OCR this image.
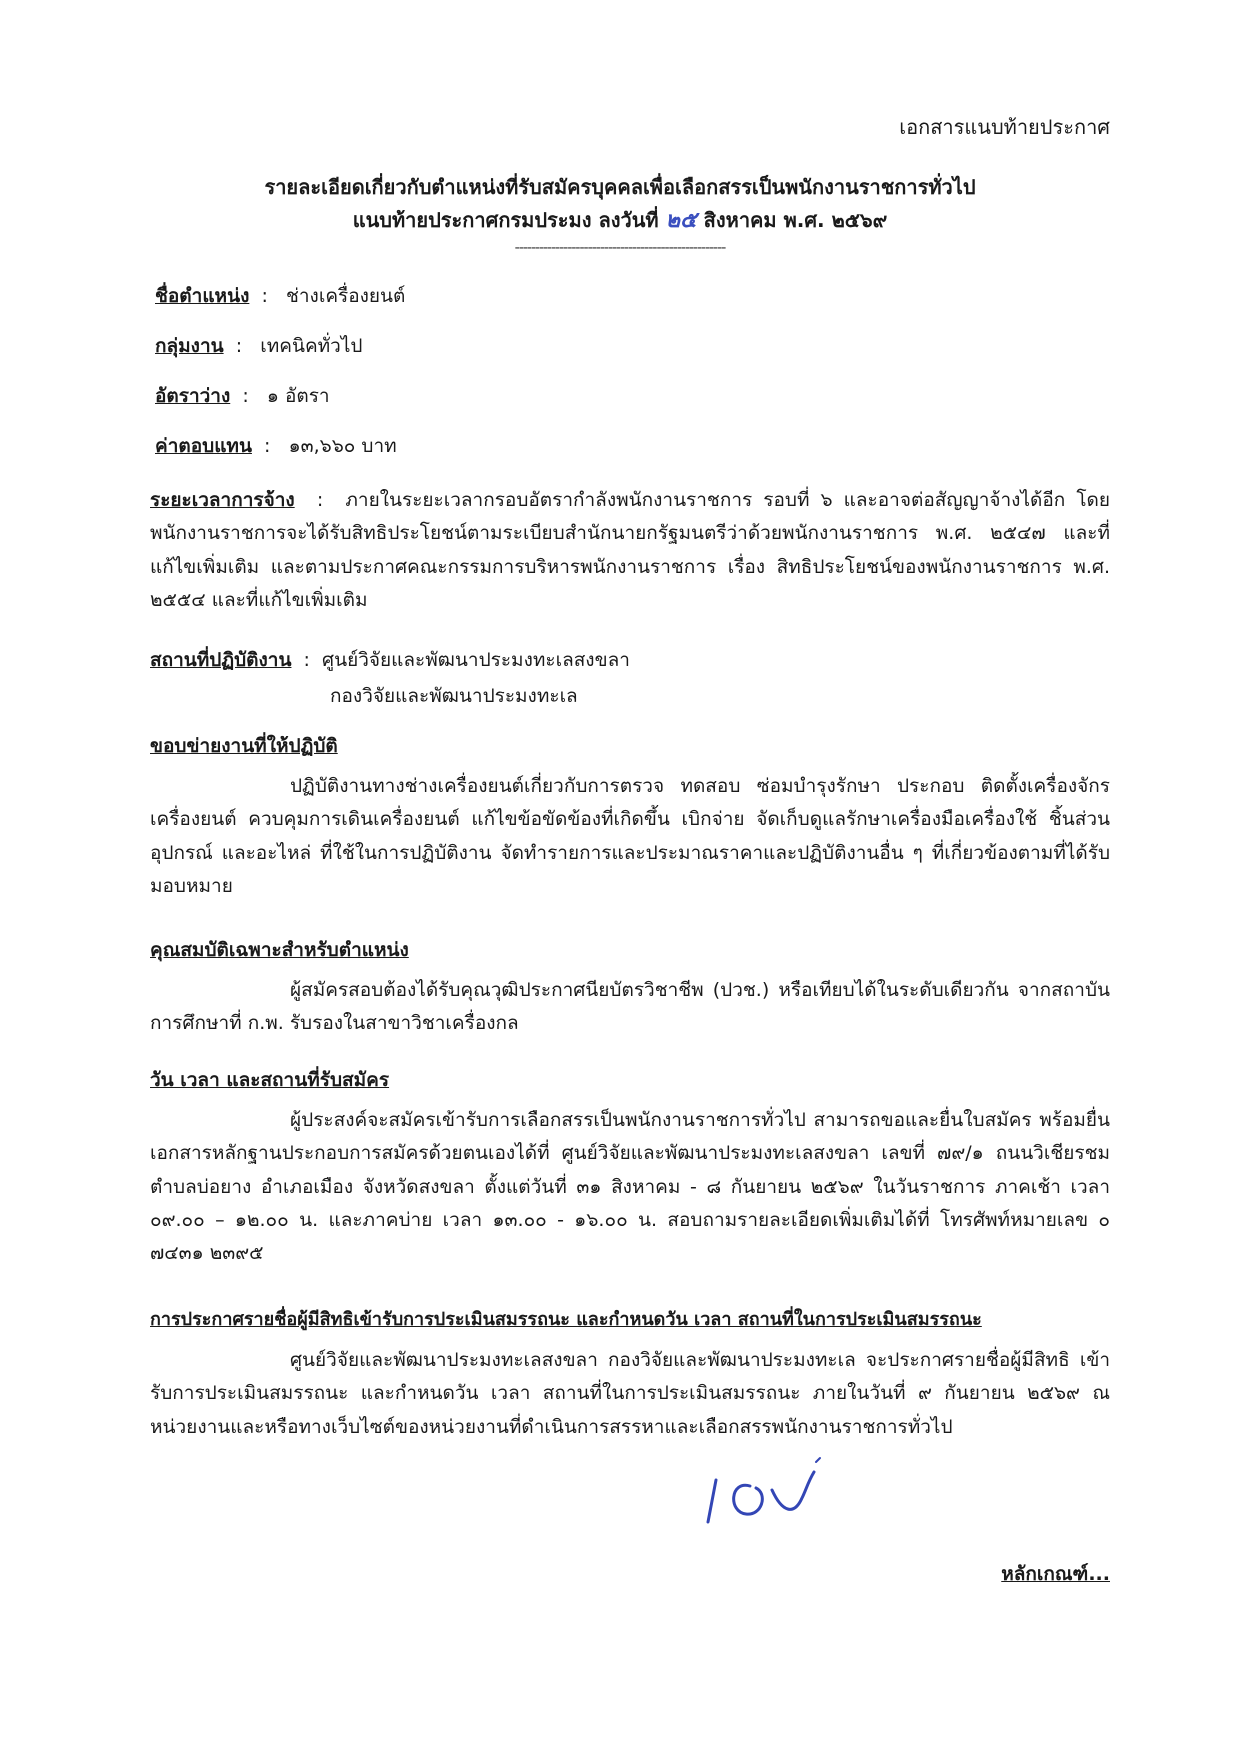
เอกสารแนบท้ายประกาศ
รายละเอียดเกี่ยวกับตำแหน่งที่รับสมัครบุคคลเพื่อเลือกสรรเป็นพนักงานราชการทั่วไป
แนบท้ายประกาศกรมประมง ลงวันที่ ๒๕ สิงหาคม พ.ศ. ๒๕๖๙
----------------------------------------------------
ชื่อตำแหน่ง  :   ช่างเครื่องยนต์
กลุ่มงาน  :   เทคนิคทั่วไป
อัตราว่าง  :   ๑ อัตรา
ค่าตอบแทน  :   ๑๓,๖๖๐ บาท

ระยะเวลาการจ้าง  :  ภายในระยะเวลากรอบอัตรากำลังพนักงานราชการ รอบที่ ๖ และอาจต่อสัญญาจ้างได้อีก โดยพนักงานราชการจะได้รับสิทธิประโยชน์ตามระเบียบสำนักนายกรัฐมนตรีว่าด้วยพนักงานราชการ พ.ศ. ๒๕๔๗ และที่แก้ไขเพิ่มเติม และตามประกาศคณะกรรมการบริหารพนักงานราชการ เรื่อง สิทธิประโยชน์ของพนักงานราชการ พ.ศ. ๒๕๕๔ และที่แก้ไขเพิ่มเติม

สถานที่ปฏิบัติงาน  :  ศูนย์วิจัยและพัฒนาประมงทะเลสงขลา
กองวิจัยและพัฒนาประมงทะเล
ขอบข่ายงานที่ให้ปฏิบัติ

ปฏิบัติงานทางช่างเครื่องยนต์เกี่ยวกับการตรวจ ทดสอบ ซ่อมบำรุงรักษา ประกอบ ติดตั้งเครื่องจักร เครื่องยนต์ ควบคุมการเดินเครื่องยนต์ แก้ไขข้อขัดข้องที่เกิดขึ้น เบิกจ่าย จัดเก็บดูแลรักษาเครื่องมือเครื่องใช้ ชิ้นส่วน อุปกรณ์ และอะไหล่ ที่ใช้ในการปฏิบัติงาน จัดทำรายการและประมาณราคาและปฏิบัติงานอื่น ๆ ที่เกี่ยวข้องตามที่ได้รับมอบหมาย

คุณสมบัติเฉพาะสำหรับตำแหน่ง

ผู้สมัครสอบต้องได้รับคุณวุฒิประกาศนียบัตรวิชาชีพ (ปวช.) หรือเทียบได้ในระดับเดียวกัน จากสถาบันการศึกษาที่ ก.พ. รับรองในสาขาวิชาเครื่องกล

วัน เวลา และสถานที่รับสมัคร

ผู้ประสงค์จะสมัครเข้ารับการเลือกสรรเป็นพนักงานราชการทั่วไป สามารถขอและยื่นใบสมัคร พร้อมยื่นเอกสารหลักฐานประกอบการสมัครด้วยตนเองได้ที่ ศูนย์วิจัยและพัฒนาประมงทะเลสงขลา เลขที่ ๗๙/๑ ถนนวิเชียรชม ตำบลบ่อยาง อำเภอเมือง จังหวัดสงขลา ตั้งแต่วันที่ ๓๑ สิงหาคม - ๘ กันยายน ๒๕๖๙ ในวันราชการ ภาคเช้า เวลา ๐๙.๐๐ – ๑๒.๐๐ น. และภาคบ่าย เวลา ๑๓.๐๐ - ๑๖.๐๐ น. สอบถามรายละเอียดเพิ่มเติมได้ที่ โทรศัพท์หมายเลข ๐ ๗๔๓๑ ๒๓๙๕

การประกาศรายชื่อผู้มีสิทธิเข้ารับการประเมินสมรรถนะ และกำหนดวัน เวลา สถานที่ในการประเมินสมรรถนะ

ศูนย์วิจัยและพัฒนาประมงทะเลสงขลา กองวิจัยและพัฒนาประมงทะเล จะประกาศรายชื่อผู้มีสิทธิ เข้ารับการประเมินสมรรถนะ และกำหนดวัน เวลา สถานที่ในการประเมินสมรรถนะ ภายในวันที่ ๙ กันยายน ๒๕๖๙ ณ หน่วยงานและหรือทางเว็บไซต์ของหน่วยงานที่ดำเนินการสรรหาและเลือกสรรพนักงานราชการทั่วไป

หลักเกณฑ์...
